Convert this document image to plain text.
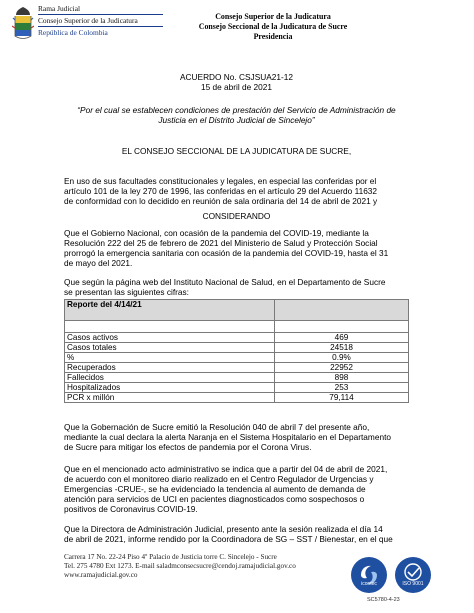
Rama Judicial
Consejo Superior de la Judicatura
República de Colombia
Consejo Superior de la Judicatura
Consejo Seccional de la Judicatura de Sucre
Presidencia
ACUERDO No. CSJSUA21-12
15 de abril de 2021
“Por el cual se establecen condiciones de prestación del Servicio de Administración de
Justicia en el Distrito Judicial de Sincelejo”
EL CONSEJO SECCIONAL DE LA JUDICATURA DE SUCRE,
En uso de sus facultades constitucionales y legales, en especial las conferidas por el
artículo 101 de la ley 270 de 1996, las conferidas en el artículo 29 del Acuerdo 11632
de conformidad con lo decidido en reunión de sala ordinaria del 14 de abril de 2021 y
CONSIDERANDO
Que el Gobierno Nacional, con ocasión de la pandemia del COVID-19, mediante la
Resolución 222 del 25 de febrero de 2021 del Ministerio de Salud y Protección Social
prorrogó la emergencia sanitaria con ocasión de la pandemia del COVID-19, hasta el 31
de mayo del 2021.
Que según la página web del Instituto Nacional de Salud, en el Departamento de Sucre
se presentan las siguientes cifras:
Reporte del 4/14/21	

Casos activos	469
Casos totales	24518
%	0.9%
Recuperados	22952
Fallecidos	898
Hospitalizados	253
PCR x millón	79,114
Que la Gobernación de Sucre emitió la Resolución 040 de abril 7 del presente año,
mediante la cual declara la alerta Naranja en el Sistema Hospitalario en el Departamento
de Sucre para mitigar los efectos de pandemia por el Corona Virus.
Que en el mencionado acto administrativo se indica que a partir del 04 de abril de 2021,
de acuerdo con el monitoreo diario realizado en el Centro Regulador de Urgencias y
Emergencias -CRUE-, se ha evidenciado la tendencia al aumento de demanda de
atención para servicios de UCI en pacientes diagnosticados como sospechosos o
positivos de Coronavirus COVID-19.
Que la Directora de Administración Judicial, presento ante la sesión realizada el día 14
de abril de 2021, informe rendido por la Coordinadora de SG – SST / Bienestar, en el que
Carrera 17 No. 22-24 Piso 4º Palacio de Justicia torre C. Sincelejo - Sucre
Tel. 275 4780 Ext 1273. E-mail saladmconsecsucre@cendoj.ramajudicial.gov.co
www.ramajudicial.gov.co
icontec	ISO 9001
SC5780-4-23
